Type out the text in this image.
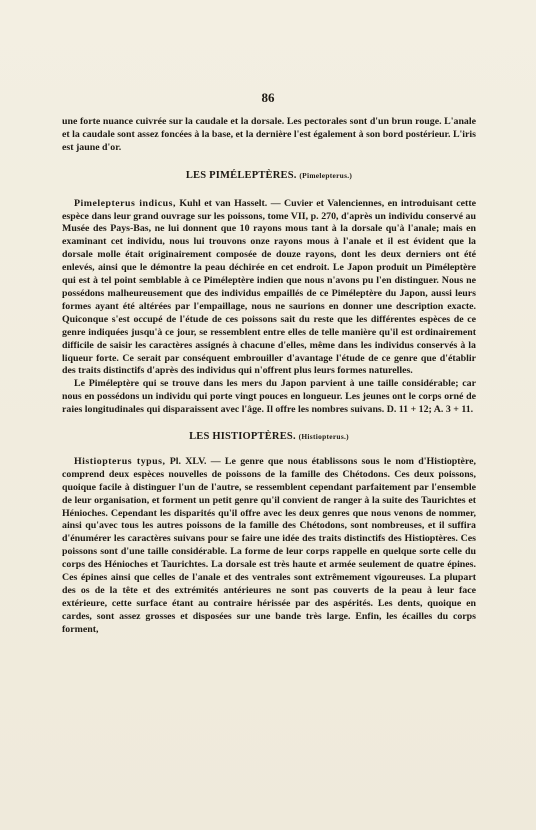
86

une forte nuance cuivrée sur la caudale et la dorsale. Les pectorales sont d'un brun rouge. L'anale et la caudale sont assez foncées à la base, et la dernière l'est également à son bord postérieur. L'iris est jaune d'or.

LES PIMÉLEPTÈRES. (Pimelepterus.)

Pimelepterus indicus, Kuhl et van Hasselt. — Cuvier et Valenciennes, en introduisant cette espèce dans leur grand ouvrage sur les poissons, tome VII, p. 270, d'après un individu conservé au Musée des Pays-Bas, ne lui donnent que 10 rayons mous tant à la dorsale qu'à l'anale; mais en examinant cet individu, nous lui trouvons onze rayons mous à l'anale et il est évident que la dorsale molle était originairement composée de douze rayons, dont les deux derniers ont été enlevés, ainsi que le démontre la peau déchirée en cet endroit. Le Japon produit un Piméleptère qui est à tel point semblable à ce Piméleptère indien que nous n'avons pu l'en distinguer. Nous ne possédons malheureusement que des individus empaillés de ce Piméleptère du Japon, aussi leurs formes ayant été altérées par l'empaillage, nous ne saurions en donner une description exacte. Quiconque s'est occupé de l'étude de ces poissons sait du reste que les différentes espèces de ce genre indiquées jusqu'à ce jour, se ressemblent entre elles de telle manière qu'il est ordinairement difficile de saisir les caractères assignés à chacune d'elles, même dans les individus conservés à la liqueur forte. Ce serait par conséquent embrouiller d'avantage l'étude de ce genre que d'établir des traits distinctifs d'après des individus qui n'offrent plus leurs formes naturelles.

Le Piméleptère qui se trouve dans les mers du Japon parvient à une taille considérable; car nous en possédons un individu qui porte vingt pouces en longueur. Les jeunes ont le corps orné de raies longitudinales qui disparaissent avec l'âge. Il offre les nombres suivans. D. 11 + 12; A. 3 + 11.

LES HISTIOPTÈRES. (Histiopterus.)

Histiopterus typus, Pl. XLV. — Le genre que nous établissons sous le nom d'Histioptère, comprend deux espèces nouvelles de poissons de la famille des Chétodons. Ces deux poissons, quoique facile à distinguer l'un de l'autre, se ressemblent cependant parfaitement par l'ensemble de leur organisation, et forment un petit genre qu'il convient de ranger à la suite des Taurichtes et Hénioches. Cependant les disparités qu'il offre avec les deux genres que nous venons de nommer, ainsi qu'avec tous les autres poissons de la famille des Chétodons, sont nombreuses, et il suffira d'énumérer les caractères suivans pour se faire une idée des traits distinctifs des Histioptères. Ces poissons sont d'une taille considérable. La forme de leur corps rappelle en quelque sorte celle du corps des Hénioches et Taurichtes. La dorsale est très haute et armée seulement de quatre épines. Ces épines ainsi que celles de l'anale et des ventrales sont extrêmement vigoureuses. La plupart des os de la tête et des extrémités antérieures ne sont pas couverts de la peau à leur face extérieure, cette surface étant au contraire hérissée par des aspérités. Les dents, quoique en cardes, sont assez grosses et disposées sur une bande très large. Enfin, les écailles du corps forment,
